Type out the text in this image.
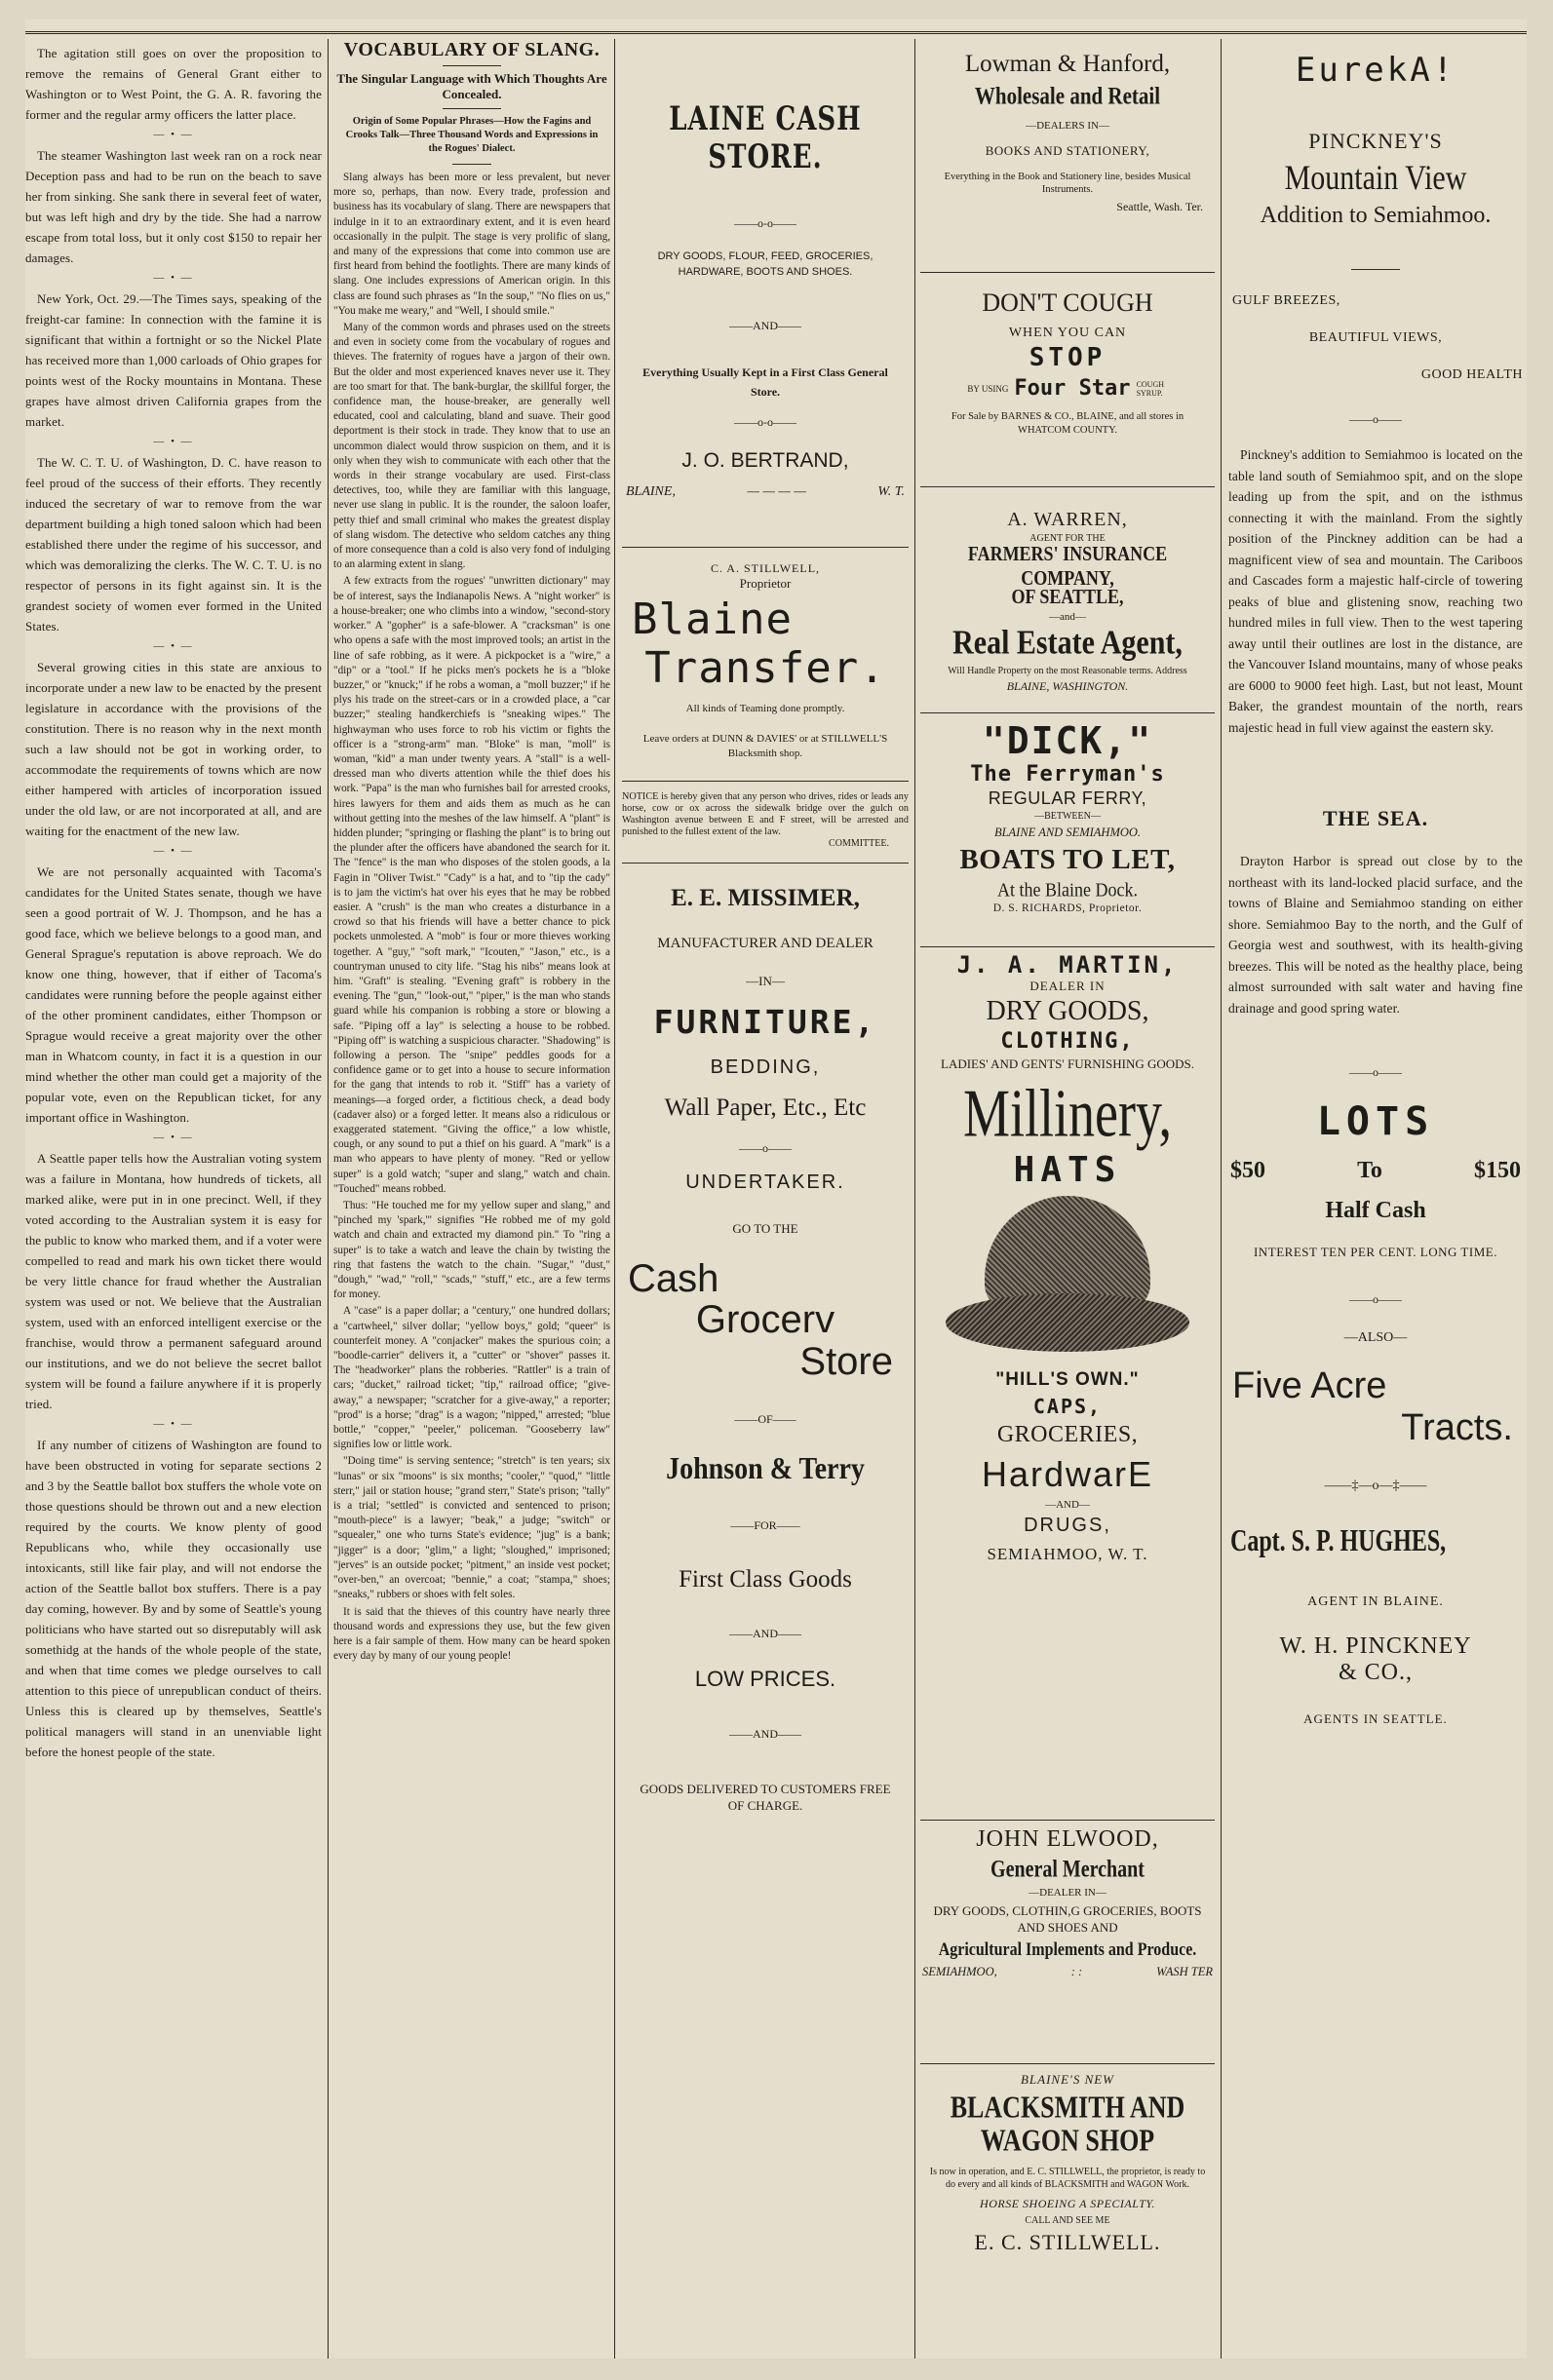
The agitation still goes on over the proposition to remove the remains of General Grant either to Washington or to West Point, the G. A. R. favoring the former and the regular army officers the latter place.

— • —

The steamer Washington last week ran on a rock near Deception pass and had to be run on the beach to save her from sinking. She sank there in several feet of water, but was left high and dry by the tide. She had a narrow escape from total loss, but it only cost $150 to repair her damages.

— • —

New York, Oct. 29.—The Times says, speaking of the freight-car famine: In connection with the famine it is significant that within a fortnight or so the Nickel Plate has received more than 1,000 carloads of Ohio grapes for points west of the Rocky mountains in Montana. These grapes have almost driven California grapes from the market.

— • —

The W. C. T. U. of Washington, D. C. have reason to feel proud of the success of their efforts. They recently induced the secretary of war to remove from the war department building a high toned saloon which had been established there under the regime of his successor, and which was demoralizing the clerks. The W. C. T. U. is no respector of persons in its fight against sin. It is the grandest society of women ever formed in the United States.

— • —

Several growing cities in this state are anxious to incorporate under a new law to be enacted by the present legislature in accordance with the provisions of the constitution. There is no reason why in the next month such a law should not be got in working order, to accommodate the requirements of towns which are now either hampered with articles of incorporation issued under the old law, or are not incorporated at all, and are waiting for the enactment of the new law.

— • —

We are not personally acquainted with Tacoma's candidates for the United States senate, though we have seen a good portrait of W. J. Thompson, and he has a good face, which we believe belongs to a good man, and General Sprague's reputation is above reproach. We do know one thing, however, that if either of Tacoma's candidates were running before the people against either of the other prominent candidates, either Thompson or Sprague would receive a great majority over the other man in Whatcom county, in fact it is a question in our mind whether the other man could get a majority of the popular vote, even on the Republican ticket, for any important office in Washington.

— • —

A Seattle paper tells how the Australian voting system was a failure in Montana, how hundreds of tickets, all marked alike, were put in in one precinct. Well, if they voted according to the Australian system it is easy for the public to know who marked them, and if a voter were compelled to read and mark his own ticket there would be very little chance for fraud whether the Australian system was used or not. We believe that the Australian system, used with an enforced intelligent exercise or the franchise, would throw a permanent safeguard around our institutions, and we do not believe the secret ballot system will be found a failure anywhere if it is properly tried.

— • —

If any number of citizens of Washington are found to have been obstructed in voting for separate sections 2 and 3 by the Seattle ballot box stuffers the whole vote on those questions should be thrown out and a new election required by the courts. We know plenty of good Republicans who, while they occasionally use intoxicants, still like fair play, and will not endorse the action of the Seattle ballot box stuffers. There is a pay day coming, however. By and by some of Seattle's young politicians who have started out so disreputably will ask somethidg at the hands of the whole people of the state, and when that time comes we pledge ourselves to call attention to this piece of unrepublican conduct of theirs. Unless this is cleared up by themselves, Seattle's political managers will stand in an unenviable light before the honest people of the state.

VOCABULARY OF SLANG.
The Singular Language with Which Thoughts Are Concealed.
Origin of Some Popular Phrases—How the Fagins and Crooks Talk—Three Thousand Words and Expressions in the Rogues' Dialect.

Slang always has been more or less prevalent, but never more so, perhaps, than now. Every trade, profession and business has its vocabulary of slang. There are newspapers that indulge in it to an extraordinary extent, and it is even heard occasionally in the pulpit. The stage is very prolific of slang, and many of the expressions that come into common use are first heard from behind the footlights. There are many kinds of slang. One includes expressions of American origin. In this class are found such phrases as "In the soup," "No flies on us," "You make me weary," and "Well, I should smile."

Many of the common words and phrases used on the streets and even in society come from the vocabulary of rogues and thieves. The fraternity of rogues have a jargon of their own. But the older and most experienced knaves never use it. They are too smart for that. The bank-burglar, the skillful forger, the confidence man, the house-breaker, are generally well educated, cool and calculating, bland and suave. Their good deportment is their stock in trade. They know that to use an uncommon dialect would throw suspicion on them, and it is only when they wish to communicate with each other that the words in their strange vocabulary are used. First-class detectives, too, while they are familiar with this language, never use slang in public. It is the rounder, the saloon loafer, petty thief and small criminal who makes the greatest display of slang wisdom. The detective who seldom catches any thing of more consequence than a cold is also very fond of indulging to an alarming extent in slang.

A few extracts from the rogues' "unwritten dictionary" may be of interest, says the Indianapolis News. A "night worker" is a house-breaker; one who climbs into a window, "second-story worker." A "gopher" is a safe-blower. A "cracksman" is one who opens a safe with the most improved tools; an artist in the line of safe robbing, as it were. A pickpocket is a "wire," a "dip" or a "tool." If he picks men's pockets he is a "bloke buzzer," or "knuck;" if he robs a woman, a "moll buzzer;" if he plys his trade on the street-cars or in a crowded place, a "car buzzer;" stealing handkerchiefs is "sneaking wipes." The highwayman who uses force to rob his victim or fights the officer is a "strong-arm" man. "Bloke" is man, "moll" is woman, "kid" a man under twenty years. A "stall" is a well-dressed man who diverts attention while the thief does his work. "Papa" is the man who furnishes bail for arrested crooks, hires lawyers for them and aids them as much as he can without getting into the meshes of the law himself. A "plant" is hidden plunder; "springing or flashing the plant" is to bring out the plunder after the officers have abandoned the search for it. The "fence" is the man who disposes of the stolen goods, a la Fagin in "Oliver Twist." "Cady" is a hat, and to "tip the cady" is to jam the victim's hat over his eyes that he may be robbed easier. A "crush" is the man who creates a disturbance in a crowd so that his friends will have a better chance to pick pockets unmolested. A "mob" is four or more thieves working together. A "guy," "soft mark," "Icouten," "Jason," etc., is a countryman unused to city life. "Stag his nibs" means look at him. "Graft" is stealing. "Evening graft" is robbery in the evening. The "gun," "look-out," "piper," is the man who stands guard while his companion is robbing a store or blowing a safe. "Piping off a lay" is selecting a house to be robbed. "Piping off" is watching a suspicious character. "Shadowing" is following a person. The "snipe" peddles goods for a confidence game or to get into a house to secure information for the gang that intends to rob it. "Stiff" has a variety of meanings—a forged order, a fictitious check, a dead body (cadaver also) or a forged letter. It means also a ridiculous or exaggerated statement. "Giving the office," a low whistle, cough, or any sound to put a thief on his guard. A "mark" is a man who appears to have plenty of money. "Red or yellow super" is a gold watch; "super and slang," watch and chain. "Touched" means robbed.

Thus: "He touched me for my yellow super and slang," and "pinched my 'spark,'" signifies "He robbed me of my gold watch and chain and extracted my diamond pin." To "ring a super" is to take a watch and leave the chain by twisting the ring that fastens the watch to the chain. "Sugar," "dust," "dough," "wad," "roll," "scads," "stuff," etc., are a few terms for money.

A "case" is a paper dollar; a "century," one hundred dollars; a "cartwheel," silver dollar; "yellow boys," gold; "queer" is counterfeit money. A "conjacker" makes the spurious coin; a "boodle-carrier" delivers it, a "cutter" or "shover" passes it. The "headworker" plans the robberies. "Rattler" is a train of cars; "ducket," railroad ticket; "tip," railroad office; "give-away," a newspaper; "scratcher for a give-away," a reporter; "prod" is a horse; "drag" is a wagon; "nipped," arrested; "blue bottle," "copper," "peeler," policeman. "Gooseberry law" signifies low or little work.

"Doing time" is serving sentence; "stretch" is ten years; six "lunas" or six "moons" is six months; "cooler," "quod," "little sterr," jail or station house; "grand sterr," State's prison; "tally" is a trial; "settled" is convicted and sentenced to prison; "mouth-piece" is a lawyer; "beak," a judge; "switch" or "squealer," one who turns State's evidence; "jug" is a bank; "jigger" is a door; "glim," a light; "sloughed," imprisoned; "jerves" is an outside pocket; "pitment," an inside vest pocket; "over-ben," an overcoat; "bennie," a coat; "stampa," shoes; "sneaks," rubbers or shoes with felt soles.

It is said that the thieves of this country have nearly three thousand words and expressions they use, but the few given here is a fair sample of them. How many can be heard spoken every day by many of our young people!

LAINE CASH STORE.
——o-o——
DRY GOODS, FLOUR, FEED, GROCERIES, HARDWARE, BOOTS AND SHOES.
——AND——
Everything Usually Kept in a First Class General Store.
——o-o——
J. O. BERTRAND,
BLAINE,	— — — —	W. T.
C. A. STILLWELL,
Proprietor
Blaine
Transfer.
All kinds of Teaming done promptly.
Leave orders at DUNN & DAVIES' or at STILLWELL'S Blacksmith shop.
NOTICE is hereby given that any person who drives, rides or leads any horse, cow or ox across the sidewalk bridge over the gulch on Washington avenue between E and F street, will be arrested and punished to the fullest extent of the law.
COMMITTEE.
E. E. MISSIMER,
MANUFACTURER AND DEALER
—IN—
FURNITURE,
BEDDING,
Wall Paper, Etc., Etc
——o——
UNDERTAKER.
GO TO THE
Cash
Grocerv
Store
——OF——
Johnson & Terry
——FOR——
First Class Goods
——AND——
LOW PRICES.
——AND——
GOODS DELIVERED TO CUSTOMERS FREE OF CHARGE.
Lowman & Hanford,
Wholesale and Retail
—DEALERS IN—
BOOKS AND STATIONERY,
Everything in the Book and Stationery line, besides Musical Instruments.
Seattle, Wash. Ter.
DON'T COUGH
WHEN YOU CAN
STOP
BY USING Four Star COUGH SYRUP.
For Sale by BARNES & CO., BLAINE, and all stores in WHATCOM COUNTY.
A. WARREN,
AGENT FOR THE
FARMERS' INSURANCE COMPANY,
OF SEATTLE,
—and—
Real Estate Agent,
Will Handle Property on the most Reasonable terms. Address
BLAINE, WASHINGTON.
"DICK,"
The Ferryman's
REGULAR FERRY,
—BETWEEN—
BLAINE AND SEMIAHMOO.
BOATS TO LET,
At the Blaine Dock.
D. S. RICHARDS, Proprietor.
J. A. MARTIN,
DEALER IN
DRY GOODS,
CLOTHING,
LADIES' AND GENTS' FURNISHING GOODS.
Millinery,
HATS
"HILL'S OWN."
CAPS,
GROCERIES,
HardwarE
—AND—
DRUGS,
SEMIAHMOO, W. T.
JOHN ELWOOD,
General Merchant
—DEALER IN—
DRY GOODS, CLOTHIN,G GROCERIES, BOOTS AND SHOES AND
Agricultural Implements and Produce.
SEMIAHMOO,	: :	WASH TER
BLAINE'S NEW
BLACKSMITH AND
WAGON SHOP
Is now in operation, and E. C. STILLWELL, the proprietor, is ready to do every and all kinds of BLACKSMITH and WAGON Work.
HORSE SHOEING A SPECIALTY.
CALL AND SEE ME
E. C. STILLWELL.
EurekA!
PINCKNEY'S
Mountain View
Addition to Semiahmoo.
GULF BREEZES,
BEAUTIFUL VIEWS,
GOOD HEALTH
——o——

Pinckney's addition to Semiahmoo is located on the table land south of Semiahmoo spit, and on the slope leading up from the spit, and on the isthmus connecting it with the mainland. From the sightly position of the Pinckney addition can be had a magnificent view of sea and mountain. The Cariboos and Cascades form a majestic half-circle of towering peaks of blue and glistening snow, reaching two hundred miles in full view. Then to the west tapering away until their outlines are lost in the distance, are the Vancouver Island mountains, many of whose peaks are 6000 to 9000 feet high. Last, but not least, Mount Baker, the grandest mountain of the north, rears majestic head in full view against the eastern sky.

THE SEA.

Drayton Harbor is spread out close by to the northeast with its land-locked placid surface, and the towns of Blaine and Semiahmoo standing on either shore. Semiahmoo Bay to the north, and the Gulf of Georgia west and southwest, with its health-giving breezes. This will be noted as the healthy place, being almost surrounded with salt water and having fine drainage and good spring water.

——o——
LOTS
$50	To	$150
Half Cash
INTEREST TEN PER CENT. LONG TIME.
——o——
—ALSO—
Five Acre
Tracts.
——‡—o—‡——
Capt. S. P. HUGHES,
AGENT IN BLAINE.
W. H. PINCKNEY
& CO.,
AGENTS IN SEATTLE.
